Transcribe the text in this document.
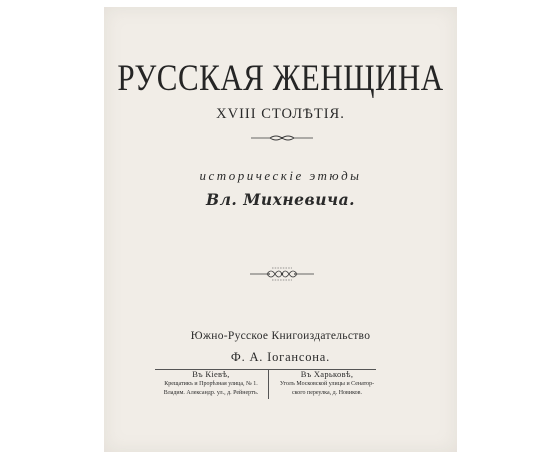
РУССКАЯ ЖЕНЩИНА
XVIII СТОЛѢТІЯ.
историческіе этюды
Вл. Михневича.
Южно-Русское Книгоиздательство
Ф. А. Іогансона.
Въ Кіевѣ,
Крещатикъ и Прорѣзная улица, № 1.
Владим. Александр. ул., д. Рейнертъ.
Въ Харьковѣ,
Уголъ Московской улицы и Сенатор-
ского переулка, д. Новиков.
